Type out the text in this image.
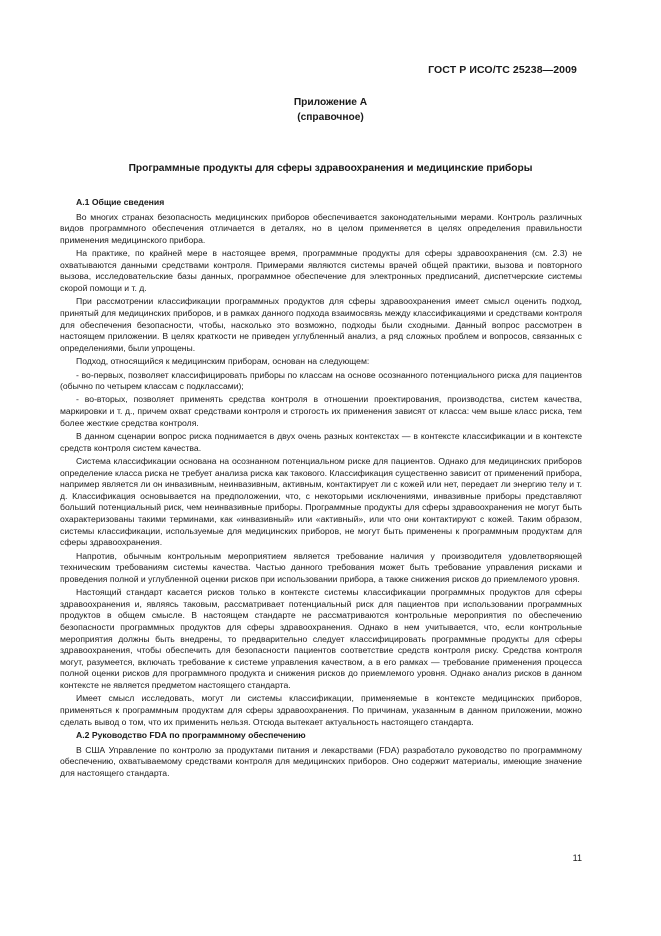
ГОСТ Р ИСО/ТС 25238—2009
Приложение А
(справочное)
Программные продукты для сферы здравоохранения и медицинские приборы

А.1 Общие сведения

Во многих странах безопасность медицинских приборов обеспечивается законодательными мерами. Контроль различных видов программного обеспечения отличается в деталях, но в целом применяется в целях определения правильности применения медицинского прибора.

На практике, по крайней мере в настоящее время, программные продукты для сферы здравоохранения (см. 2.3) не охватываются данными средствами контроля. Примерами являются системы врачей общей практики, вызова и повторного вызова, исследовательские базы данных, программное обеспечение для электронных предписаний, диспетчерские системы скорой помощи и т. д.

При рассмотрении классификации программных продуктов для сферы здравоохранения имеет смысл оценить подход, принятый для медицинских приборов, и в рамках данного подхода взаимосвязь между классификациями и средствами контроля для обеспечения безопасности, чтобы, насколько это возможно, подходы были сходными. Данный вопрос рассмотрен в настоящем приложении. В целях краткости не приведен углубленный анализ, а ряд сложных проблем и вопросов, связанных с определениями, были упрощены.

Подход, относящийся к медицинским приборам, основан на следующем:

- во-первых, позволяет классифицировать приборы по классам на основе осознанного потенциального риска для пациентов (обычно по четырем классам с подклассами);

- во-вторых, позволяет применять средства контроля в отношении проектирования, производства, систем качества, маркировки и т. д., причем охват средствами контроля и строгость их применения зависят от класса: чем выше класс риска, тем более жесткие средства контроля.

В данном сценарии вопрос риска поднимается в двух очень разных контекстах — в контексте классификации и в контексте средств контроля систем качества.

Система классификации основана на осознанном потенциальном риске для пациентов. Однако для медицинских приборов определение класса риска не требует анализа риска как такового. Классификация существенно зависит от применений прибора, например является ли он инвазивным, неинвазивным, активным, контактирует ли с кожей или нет, передает ли энергию телу и т. д. Классификация основывается на предположении, что, с некоторыми исключениями, инвазивные приборы представляют больший потенциальный риск, чем неинвазивные приборы. Программные продукты для сферы здравоохранения не могут быть охарактеризованы такими терминами, как «инвазивный» или «активный», или что они контактируют с кожей. Таким образом, системы классификации, используемые для медицинских приборов, не могут быть применены к программным продуктам для сферы здравоохранения.

Напротив, обычным контрольным мероприятием является требование наличия у производителя удовлетворяющей техническим требованиям системы качества. Частью данного требования может быть требование управления рисками и проведения полной и углубленной оценки рисков при использовании прибора, а также снижения рисков до приемлемого уровня.

Настоящий стандарт касается рисков только в контексте системы классификации программных продуктов для сферы здравоохранения и, являясь таковым, рассматривает потенциальный риск для пациентов при использовании программных продуктов в общем смысле. В настоящем стандарте не рассматриваются контрольные мероприятия по обеспечению безопасности программных продуктов для сферы здравоохранения. Однако в нем учитывается, что, если контрольные мероприятия должны быть внедрены, то предварительно следует классифицировать программные продукты для сферы здравоохранения, чтобы обеспечить для безопасности пациентов соответствие средств контроля риску. Средства контроля могут, разумеется, включать требование к системе управления качеством, а в его рамках — требование применения процесса полной оценки рисков для программного продукта и снижения рисков до приемлемого уровня. Однако анализ рисков в данном контексте не является предметом настоящего стандарта.

Имеет смысл исследовать, могут ли системы классификации, применяемые в контексте медицинских приборов, применяться к программным продуктам для сферы здравоохранения. По причинам, указанным в данном приложении, можно сделать вывод о том, что их применить нельзя. Отсюда вытекает актуальность настоящего стандарта.

А.2 Руководство FDA по программному обеспечению

В США Управление по контролю за продуктами питания и лекарствами (FDA) разработало руководство по программному обеспечению, охватываемому средствами контроля для медицинских приборов. Оно содержит материалы, имеющие значение для настоящего стандарта.

11
